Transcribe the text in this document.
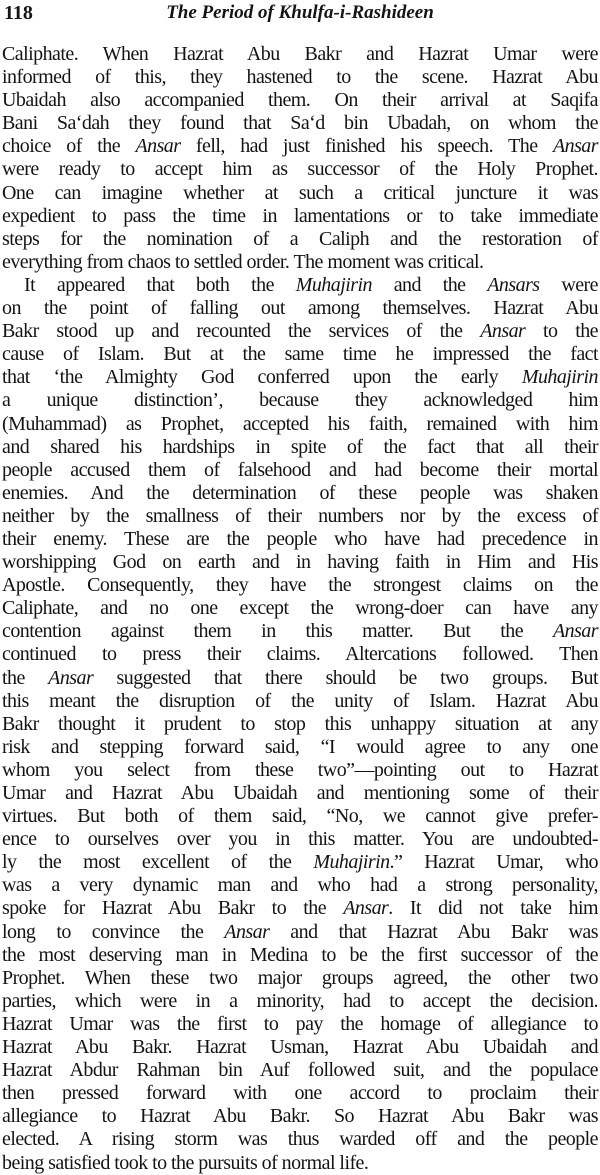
118	The Period of Khulfa-i-Rashideen
Caliphate. When Hazrat Abu Bakr and Hazrat Umar were
informed of this, they hastened to the scene. Hazrat Abu
Ubaidah also accompanied them. On their arrival at Saqifa
Bani Sa‘dah they found that Sa‘d bin Ubadah, on whom the
choice of the Ansar fell, had just finished his speech. The Ansar
were ready to accept him as successor of the Holy Prophet.
One can imagine whether at such a critical juncture it was
expedient to pass the time in lamentations or to take immediate
steps for the nomination of a Caliph and the restoration of
everything from chaos to settled order. The moment was critical.
It appeared that both the Muhajirin and the Ansars were
on the point of falling out among themselves. Hazrat Abu
Bakr stood up and recounted the services of the Ansar to the
cause of Islam. But at the same time he impressed the fact
that ‘the Almighty God conferred upon the early Muhajirin
a unique distinction’, because they acknowledged him
(Muhammad) as Prophet, accepted his faith, remained with him
and shared his hardships in spite of the fact that all their
people accused them of falsehood and had become their mortal
enemies. And the determination of these people was shaken
neither by the smallness of their numbers nor by the excess of
their enemy. These are the people who have had precedence in
worshipping God on earth and in having faith in Him and His
Apostle. Consequently, they have the strongest claims on the
Caliphate, and no one except the wrong-doer can have any
contention against them in this matter. But the Ansar
continued to press their claims. Altercations followed. Then
the Ansar suggested that there should be two groups. But
this meant the disruption of the unity of Islam. Hazrat Abu
Bakr thought it prudent to stop this unhappy situation at any
risk and stepping forward said, “I would agree to any one
whom you select from these two”—pointing out to Hazrat
Umar and Hazrat Abu Ubaidah and mentioning some of their
virtues. But both of them said, “No, we cannot give prefer-
ence to ourselves over you in this matter. You are undoubted-
ly the most excellent of the Muhajirin.” Hazrat Umar, who
was a very dynamic man and who had a strong personality,
spoke for Hazrat Abu Bakr to the Ansar. It did not take him
long to convince the Ansar and that Hazrat Abu Bakr was
the most deserving man in Medina to be the first successor of the
Prophet. When these two major groups agreed, the other two
parties, which were in a minority, had to accept the decision.
Hazrat Umar was the first to pay the homage of allegiance to
Hazrat Abu Bakr. Hazrat Usman, Hazrat Abu Ubaidah and
Hazrat Abdur Rahman bin Auf followed suit, and the populace
then pressed forward with one accord to proclaim their
allegiance to Hazrat Abu Bakr. So Hazrat Abu Bakr was
elected. A rising storm was thus warded off and the people
being satisfied took to the pursuits of normal life.
